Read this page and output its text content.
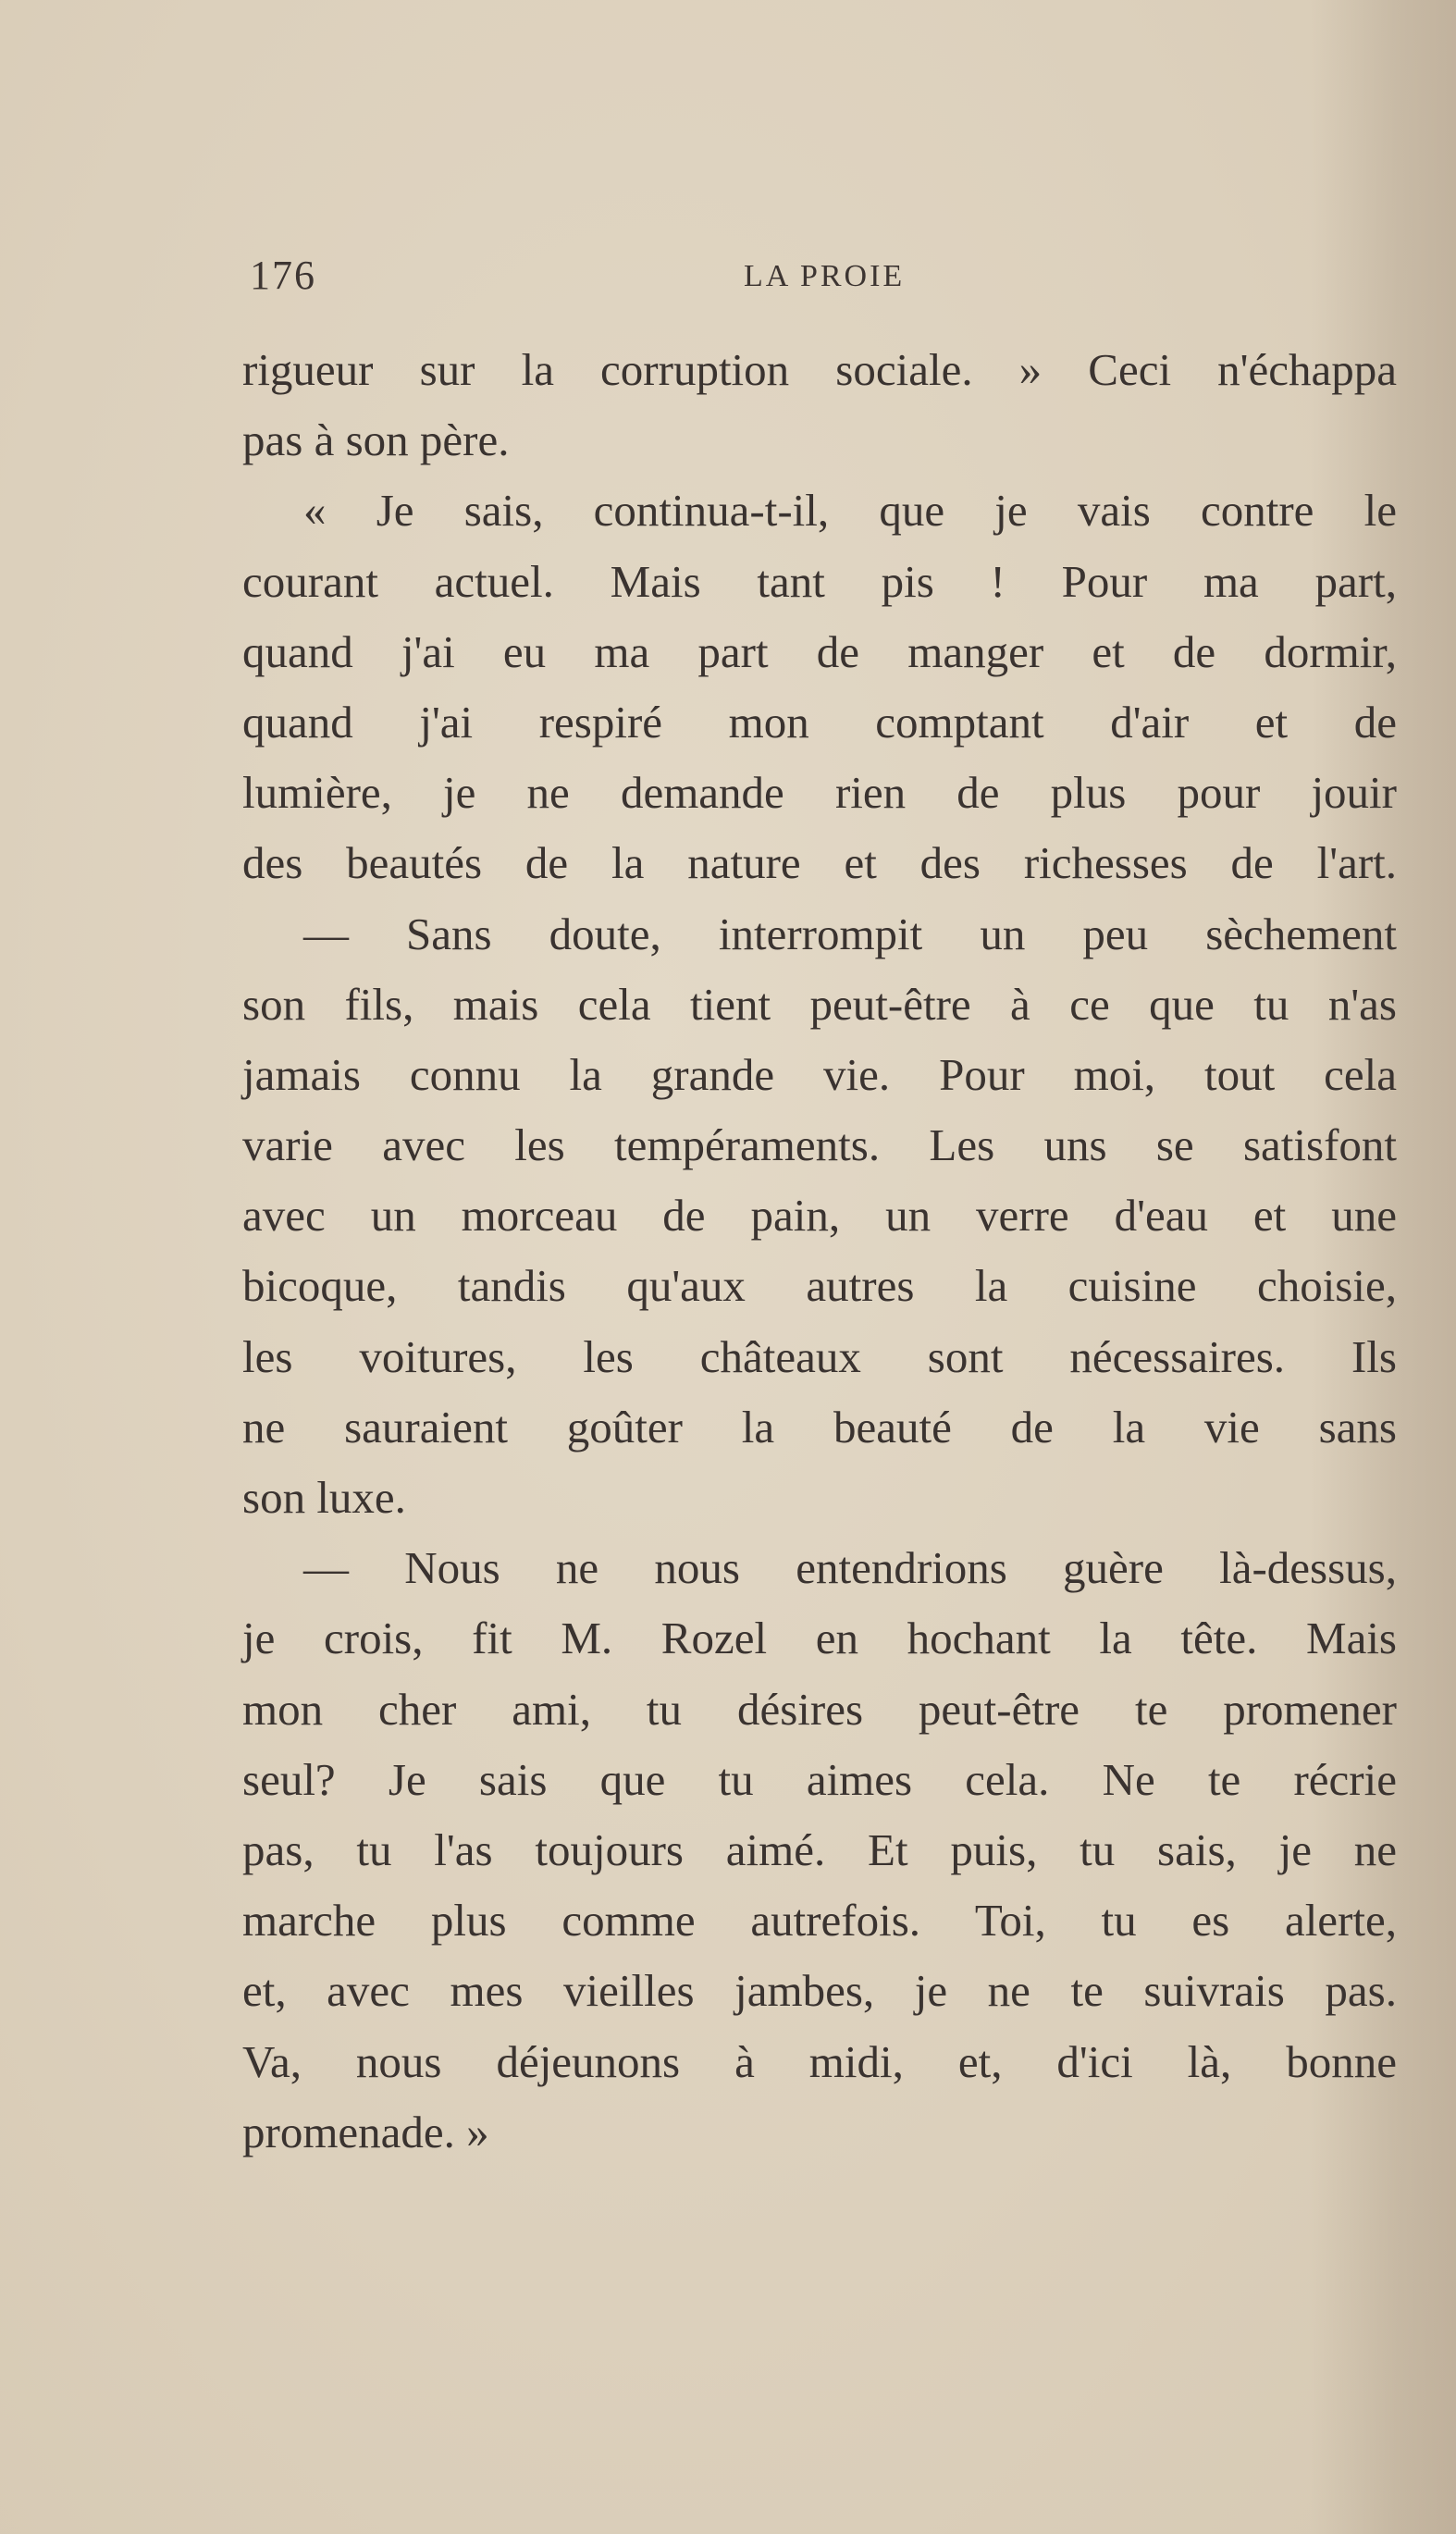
176	LA PROIE
rigueur sur la corruption sociale. » Ceci n'échappa
pas à son père.
« Je sais, continua-t-il, que je vais contre le
courant actuel. Mais tant pis ! Pour ma part,
quand j'ai eu ma part de manger et de dormir,
quand j'ai respiré mon comptant d'air et de
lumière, je ne demande rien de plus pour jouir
des beautés de la nature et des richesses de l'art.
— Sans doute, interrompit un peu sèchement
son fils, mais cela tient peut-être à ce que tu n'as
jamais connu la grande vie. Pour moi, tout cela
varie avec les tempéraments. Les uns se satisfont
avec un morceau de pain, un verre d'eau et une
bicoque, tandis qu'aux autres la cuisine choisie,
les voitures, les châteaux sont nécessaires. Ils
ne sauraient goûter la beauté de la vie sans
son luxe.
— Nous ne nous entendrions guère là-dessus,
je crois, fit M. Rozel en hochant la tête. Mais
mon cher ami, tu désires peut-être te promener
seul? Je sais que tu aimes cela. Ne te récrie
pas, tu l'as toujours aimé. Et puis, tu sais, je ne
marche plus comme autrefois. Toi, tu es alerte,
et, avec mes vieilles jambes, je ne te suivrais pas.
Va, nous déjeunons à midi, et, d'ici là, bonne
promenade. »
